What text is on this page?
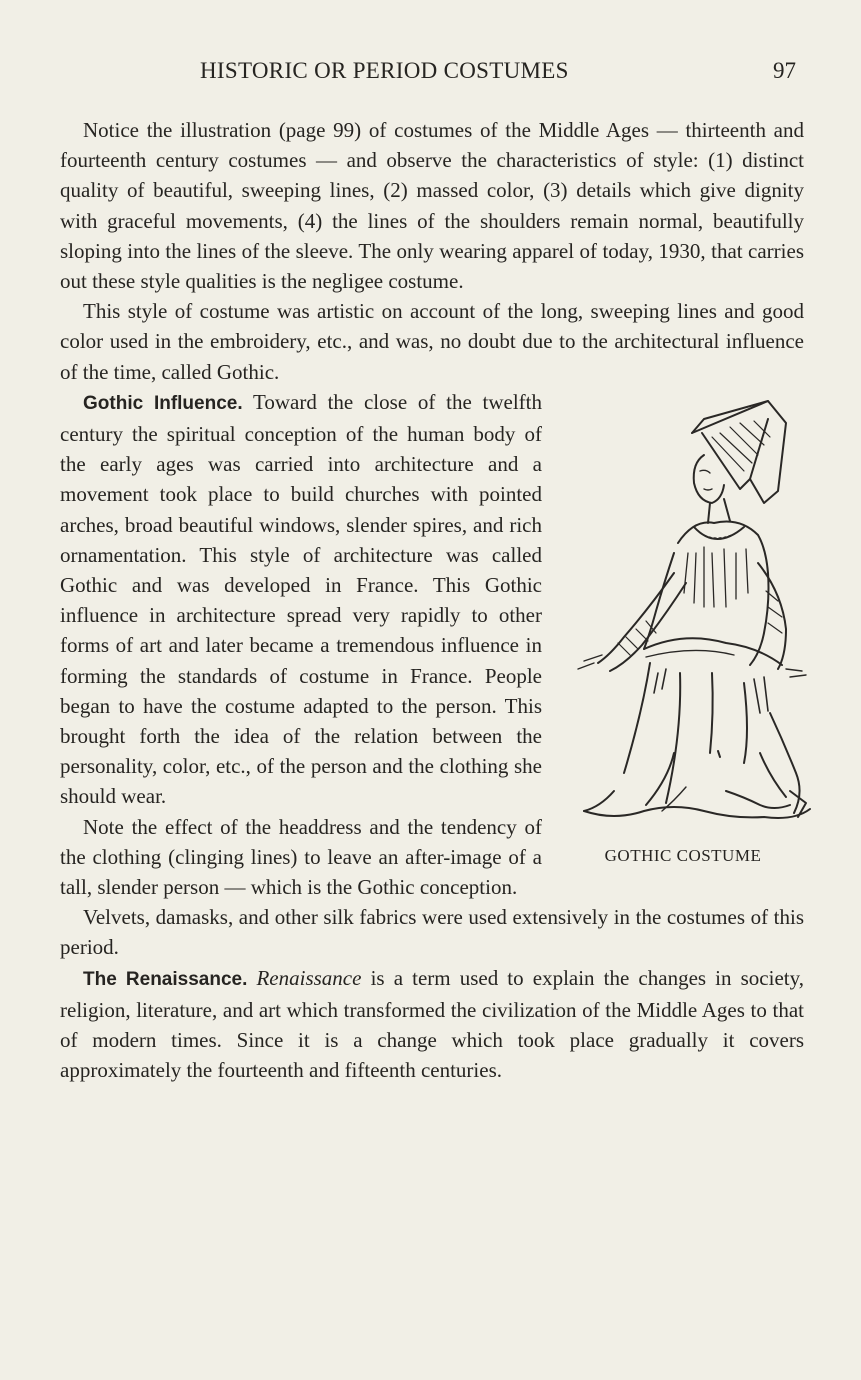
HISTORIC OR PERIOD COSTUMES	97

Notice the illustration (page 99) of costumes of the Middle Ages — thirteenth and fourteenth century costumes — and observe the characteristics of style: (1) distinct quality of beautiful, sweeping lines, (2) massed color, (3) details which give dignity with graceful movements, (4) the lines of the shoulders remain normal, beautifully sloping into the lines of the sleeve. The only wearing apparel of today, 1930, that carries out these style qualities is the negligee costume.

This style of costume was artistic on account of the long, sweeping lines and good color used in the embroidery, etc., and was, no doubt due to the architectural influence of the time, called Gothic.

GOTHIC COSTUME

Gothic Influence. Toward the close of the twelfth century the spiritual conception of the human body of the early ages was carried into architecture and a movement took place to build churches with pointed arches, broad beautiful windows, slender spires, and rich ornamentation. This style of architecture was called Gothic and was developed in France. This Gothic influence in architecture spread very rapidly to other forms of art and later became a tremendous influence in forming the standards of costume in France. People began to have the costume adapted to the person. This brought forth the idea of the relation between the personality, color, etc., of the person and the clothing she should wear.

Note the effect of the headdress and the tendency of the clothing (clinging lines) to leave an after-image of a tall, slender person — which is the Gothic conception.

Velvets, damasks, and other silk fabrics were used extensively in the costumes of this period.

The Renaissance. Renaissance is a term used to explain the changes in society, religion, literature, and art which transformed the civilization of the Middle Ages to that of modern times. Since it is a change which took place gradually it covers approximately the fourteenth and fifteenth centuries.
